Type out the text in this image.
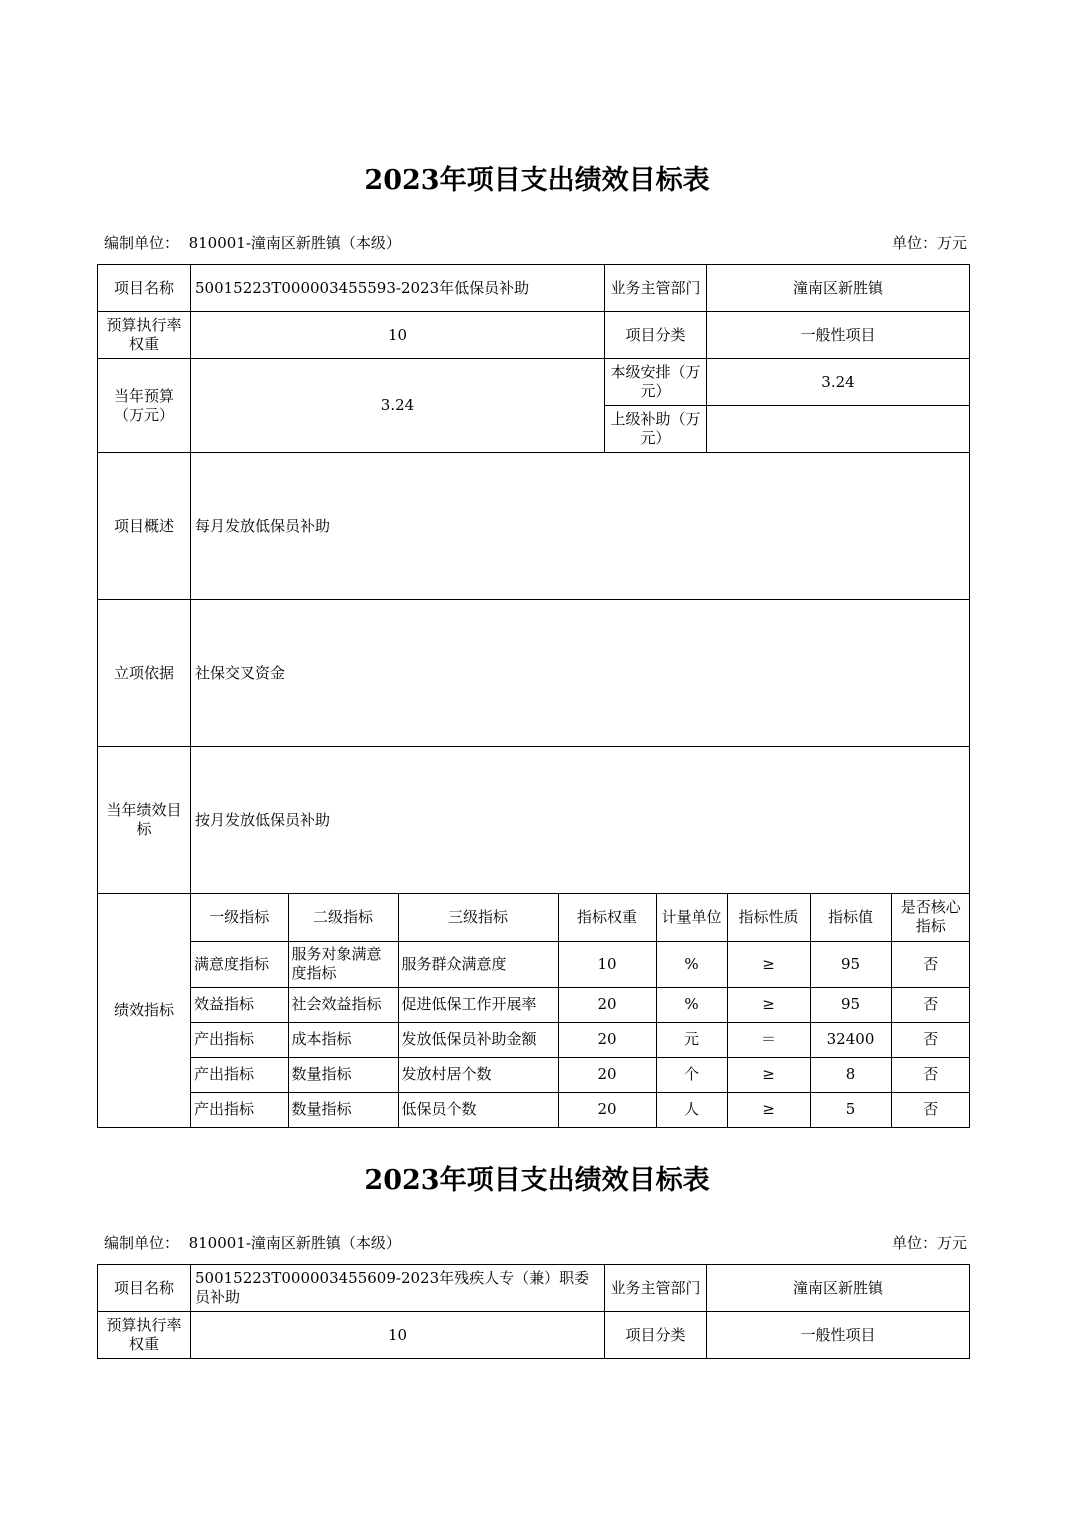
2023年项目支出绩效目标表
编制单位： 810001-潼南区新胜镇（本级）	单位：万元
项目名称	50015223T000003455593-2023年低保员补助	业务主管部门	潼南区新胜镇
预算执行率权重	10	项目分类	一般性项目
当年预算（万元）	3.24	本级安排（万元）	3.24
上级补助（万元）	
项目概述	每月发放低保员补助
立项依据	社保交叉资金
当年绩效目标	按月发放低保员补助
绩效指标	
一级指标	二级指标	三级指标	指标权重	计量单位	指标性质	指标值	是否核心指标
满意度指标	服务对象满意度指标	服务群众满意度	10	%	≥	95	否
效益指标	社会效益指标	促进低保工作开展率	20	%	≥	95	否
产出指标	成本指标	发放低保员补助金额	20	元	＝	32400	否
产出指标	数量指标	发放村居个数	20	个	≥	8	否
产出指标	数量指标	低保员个数	20	人	≥	5	否
2023年项目支出绩效目标表
编制单位： 810001-潼南区新胜镇（本级）	单位：万元
项目名称	50015223T000003455609-2023年残疾人专（兼）职委员补助	业务主管部门	潼南区新胜镇
预算执行率权重	10	项目分类	一般性项目
